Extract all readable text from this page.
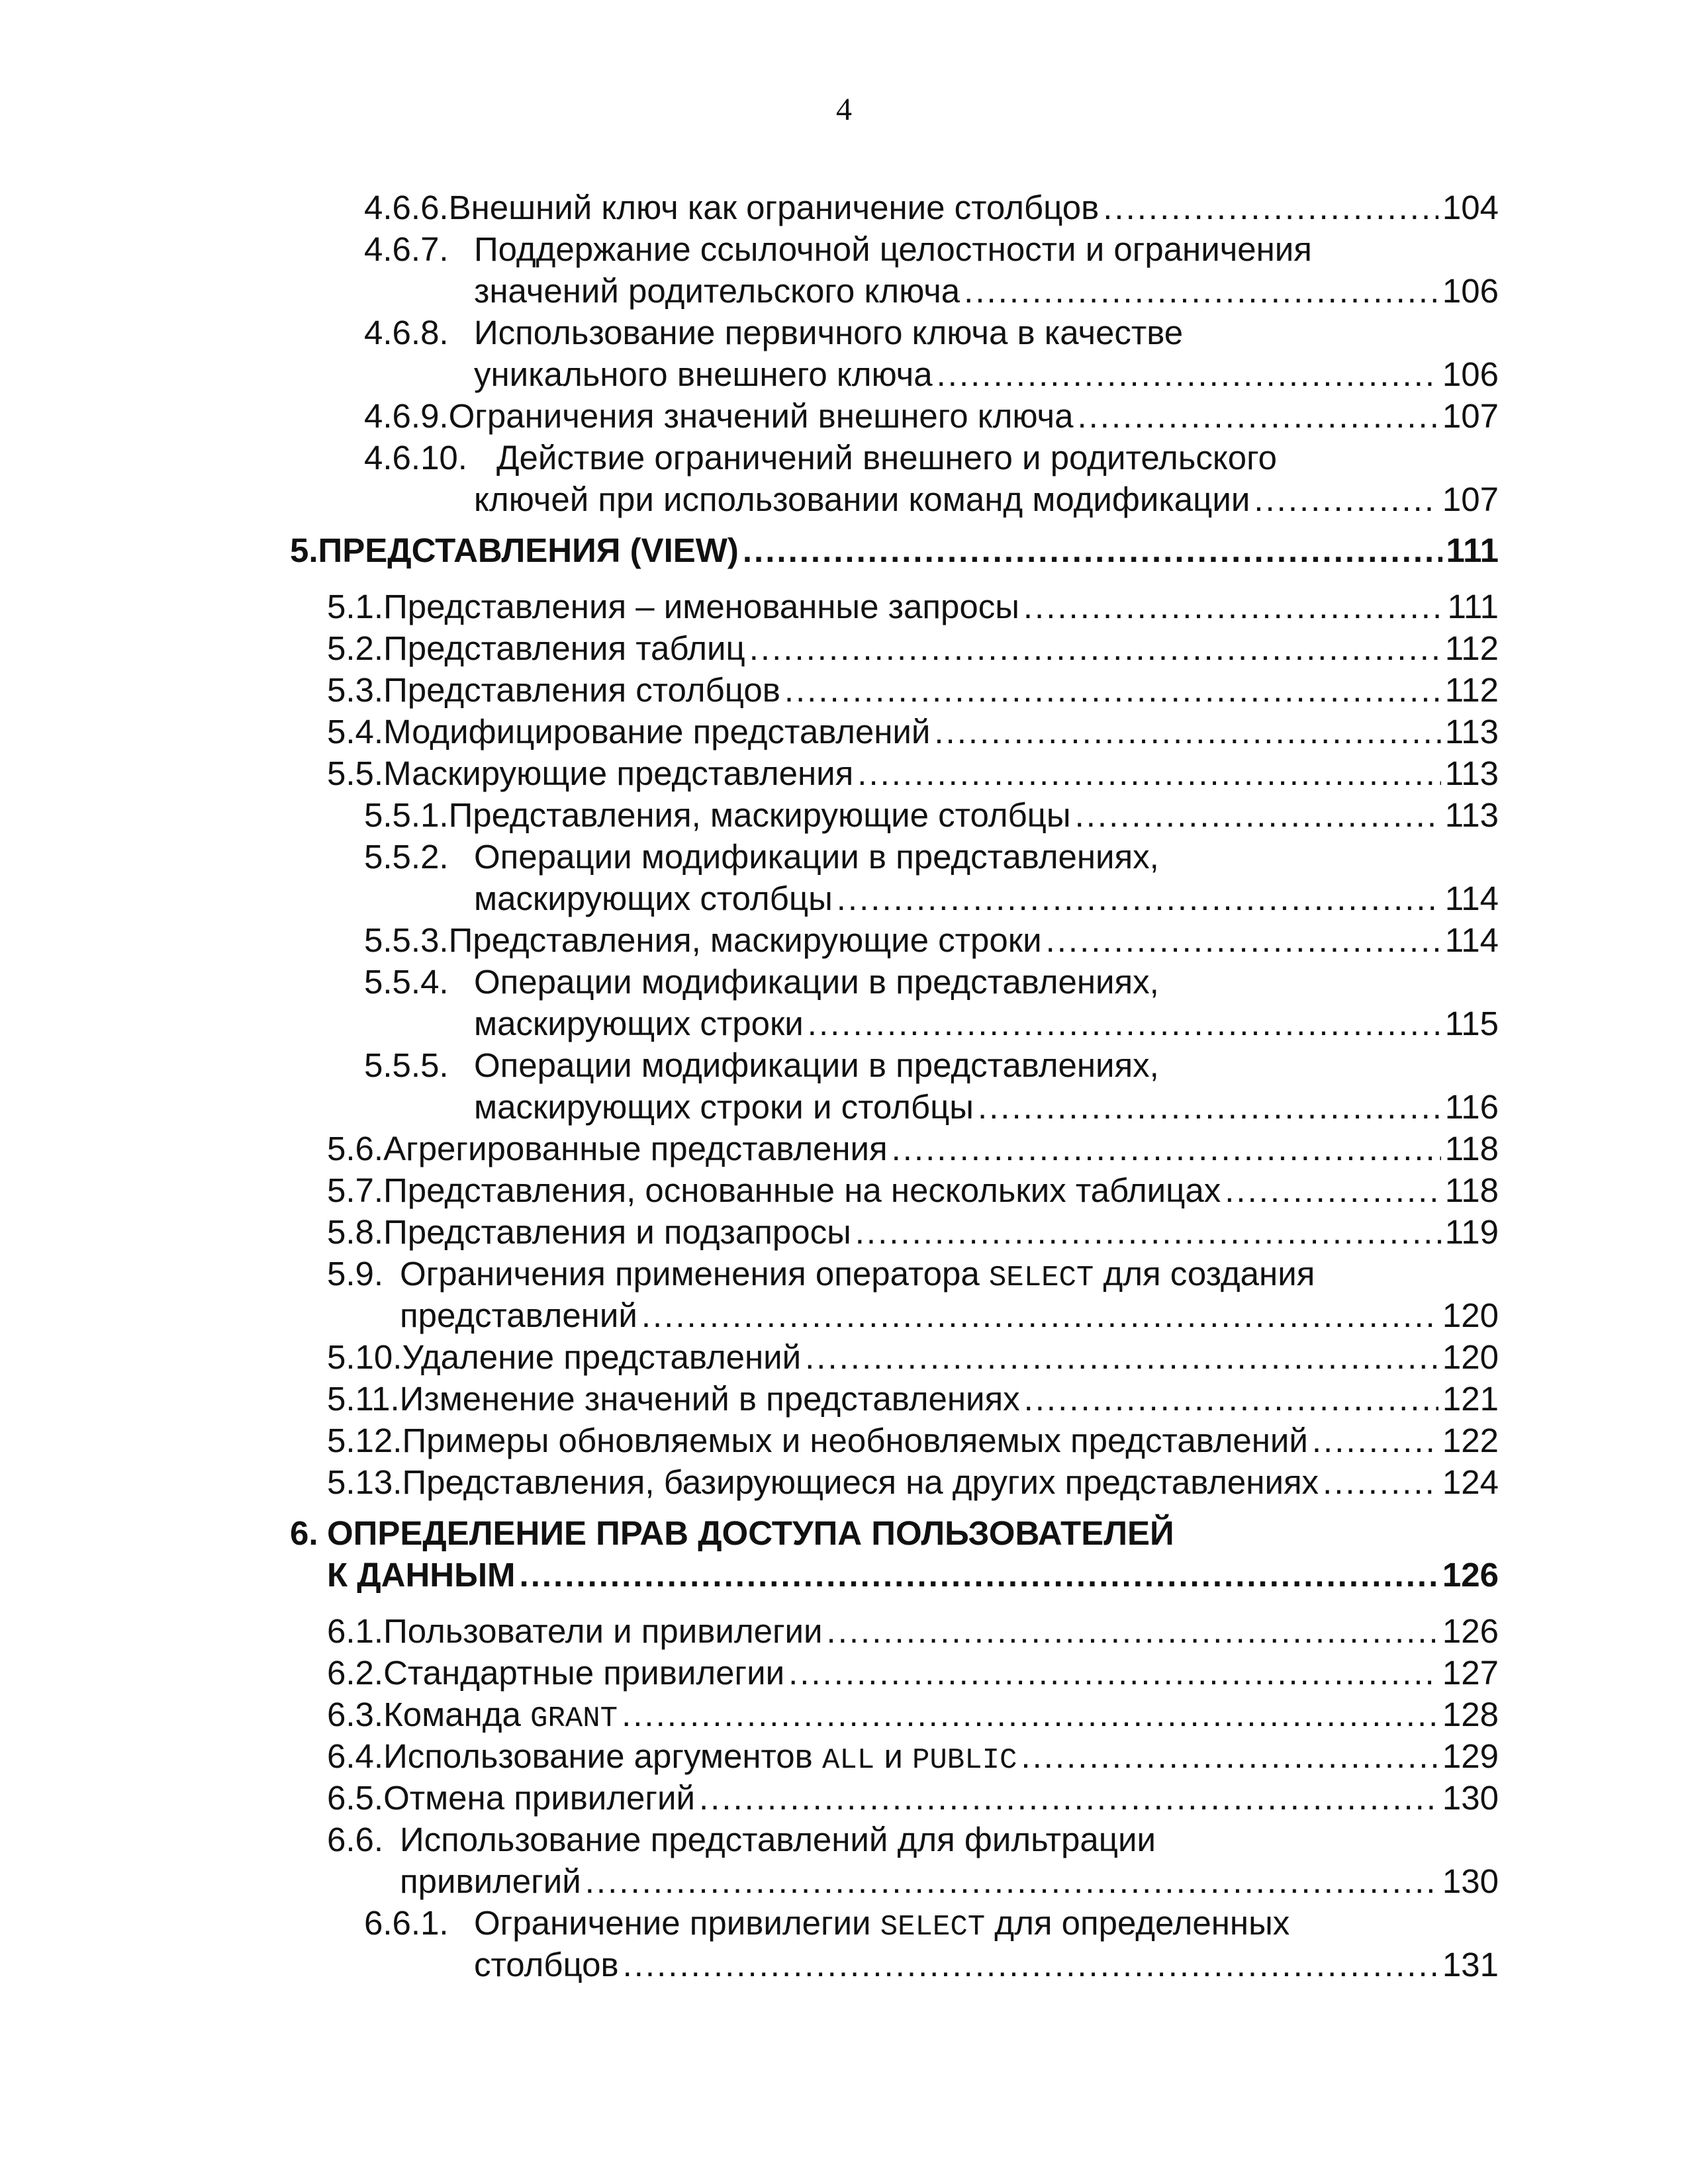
4
4.6.6. Внешний ключ как ограничение столбцов .....	104
4.6.7. Поддержание ссылочной целостности и ограничения
значений родительского ключа .....	106
4.6.8. Использование первичного ключа в качестве
уникального внешнего ключа .....	106
4.6.9. Ограничения значений внешнего ключа .....	107
4.6.10. Действие ограничений внешнего и родительского
ключей при использовании команд модификации .....	107
5. ПРЕДСТАВЛЕНИЯ (VIEW) .....	111
5.1. Представления – именованные запросы .....	111
5.2. Представления таблиц .....	112
5.3. Представления столбцов .....	112
5.4. Модифицирование представлений .....	113
5.5. Маскирующие представления .....	113
5.5.1. Представления, маскирующие столбцы .....	113
5.5.2. Операции модификации в представлениях,
маскирующих столбцы .....	114
5.5.3. Представления, маскирующие строки .....	114
5.5.4. Операции модификации в представлениях,
маскирующих строки .....	115
5.5.5. Операции модификации в представлениях,
маскирующих строки и столбцы .....	116
5.6. Агрегированные представления .....	118
5.7. Представления, основанные на нескольких таблицах .....	118
5.8. Представления и подзапросы .....	119
5.9. Ограничения применения оператора SELECT для создания
представлений .....	120
5.10. Удаление представлений .....	120
5.11. Изменение значений в представлениях .....	121
5.12. Примеры обновляемых и необновляемых представлений .....	122
5.13. Представления, базирующиеся на других представлениях .....	124
6. ОПРЕДЕЛЕНИЕ ПРАВ ДОСТУПА ПОЛЬЗОВАТЕЛЕЙ
К ДАННЫМ .....	126
6.1. Пользователи и привилегии .....	126
6.2. Стандартные привилегии .....	127
6.3. Команда GRANT .....	128
6.4. Использование аргументов ALL и PUBLIC .....	129
6.5. Отмена привилегий .....	130
6.6. Использование представлений для фильтрации
привилегий .....	130
6.6.1. Ограничение привилегии SELECT для определенных
столбцов .....	131
